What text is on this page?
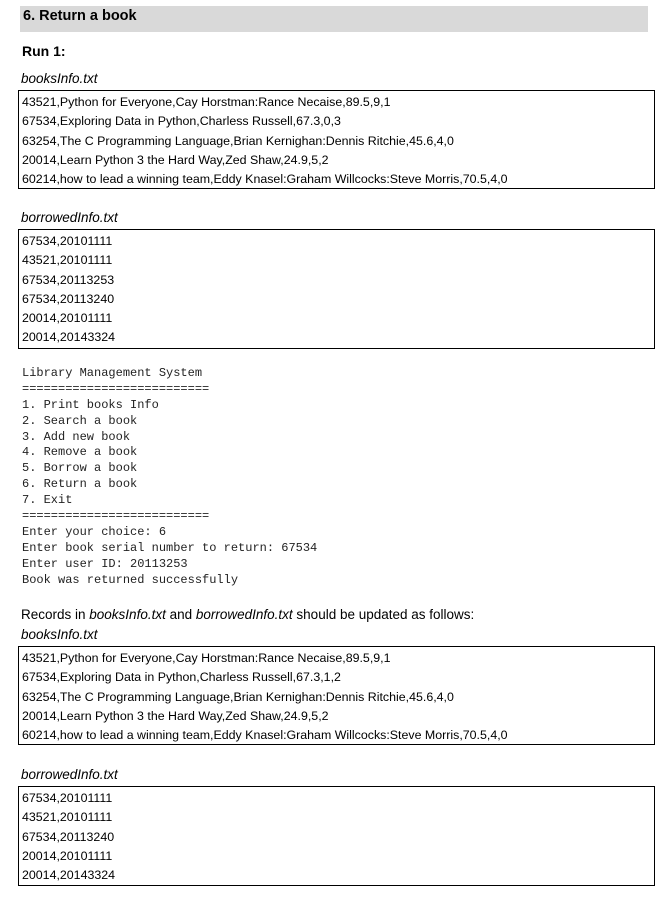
6. Return a book
Run 1:
booksInfo.txt
43521,Python for Everyone,Cay Horstman:Rance Necaise,89.5,9,1
67534,Exploring Data in Python,Charless Russell,67.3,0,3
63254,The C Programming Language,Brian Kernighan:Dennis Ritchie,45.6,4,0
20014,Learn Python 3 the Hard Way,Zed Shaw,24.9,5,2
60214,how to lead a winning team,Eddy Knasel:Graham Willcocks:Steve Morris,70.5,4,0
borrowedInfo.txt
67534,20101111
43521,20101111
67534,20113253
67534,20113240
20014,20101111
20014,20143324
Library Management System
==========================
1. Print books Info
2. Search a book
3. Add new book
4. Remove a book
5. Borrow a book
6. Return a book
7. Exit
==========================
Enter your choice: 6
Enter book serial number to return: 67534
Enter user ID: 20113253
Book was returned successfully
Records in booksInfo.txt and borrowedInfo.txt should be updated as follows:
booksInfo.txt
43521,Python for Everyone,Cay Horstman:Rance Necaise,89.5,9,1
67534,Exploring Data in Python,Charless Russell,67.3,1,2
63254,The C Programming Language,Brian Kernighan:Dennis Ritchie,45.6,4,0
20014,Learn Python 3 the Hard Way,Zed Shaw,24.9,5,2
60214,how to lead a winning team,Eddy Knasel:Graham Willcocks:Steve Morris,70.5,4,0
borrowedInfo.txt
67534,20101111
43521,20101111
67534,20113240
20014,20101111
20014,20143324
